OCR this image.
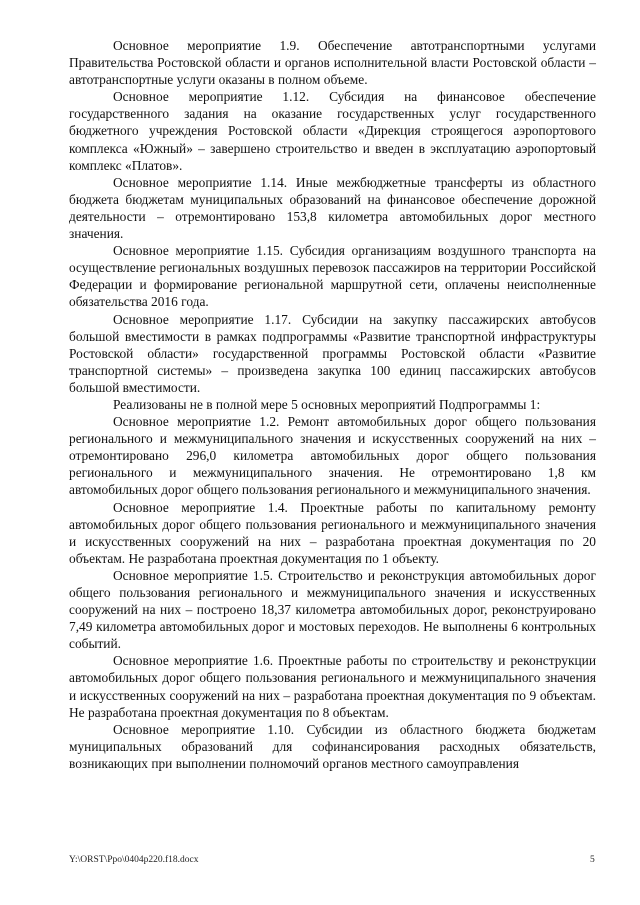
Основное мероприятие 1.9. Обеспечение автотранспортными услугами Правительства Ростовской области и органов исполнительной власти Ростовской области – автотранспортные услуги оказаны в полном объеме.

Основное мероприятие 1.12. Субсидия на финансовое обеспечение государственного задания на оказание государственных услуг государственного бюджетного учреждения Ростовской области «Дирекция строящегося аэропортового комплекса «Южный» – завершено строительство и введен в эксплуатацию аэропортовый комплекс «Платов».

Основное мероприятие 1.14. Иные межбюджетные трансферты из областного бюджета бюджетам муниципальных образований на финансовое обеспечение дорожной деятельности – отремонтировано 153,8 километра автомобильных дорог местного значения.

Основное мероприятие 1.15. Субсидия организациям воздушного транспорта на осуществление региональных воздушных перевозок пассажиров на территории Российской Федерации и формирование региональной маршрутной сети, оплачены неисполненные обязательства 2016 года.

Основное мероприятие 1.17. Субсидии на закупку пассажирских автобусов большой вместимости в рамках подпрограммы «Развитие транспортной инфраструктуры Ростовской области» государственной программы Ростовской области «Развитие транспортной системы» – произведена закупка 100 единиц пассажирских автобусов большой вместимости.

Реализованы не в полной мере 5 основных мероприятий Подпрограммы 1:

Основное мероприятие 1.2. Ремонт автомобильных дорог общего пользования регионального и межмуниципального значения и искусственных сооружений на них – отремонтировано 296,0 километра автомобильных дорог общего пользования регионального и межмуниципального значения. Не отремонтировано 1,8 км автомобильных дорог общего пользования регионального и межмуниципального значения.

Основное мероприятие 1.4. Проектные работы по капитальному ремонту автомобильных дорог общего пользования регионального и межмуниципального значения и искусственных сооружений на них – разработана проектная документация по 20 объектам. Не разработана проектная документация по 1 объекту.

Основное мероприятие 1.5. Строительство и реконструкция автомобильных дорог общего пользования регионального и межмуниципального значения и искусственных сооружений на них – построено 18,37 километра автомобильных дорог, реконструировано 7,49 километра автомобильных дорог и мостовых переходов. Не выполнены 6 контрольных событий.

Основное мероприятие 1.6. Проектные работы по строительству и реконструкции автомобильных дорог общего пользования регионального и межмуниципального значения и искусственных сооружений на них – разработана проектная документация по 9 объектам. Не разработана проектная документация по 8 объектам.

Основное мероприятие 1.10. Субсидии из областного бюджета бюджетам муниципальных образований для софинансирования расходных обязательств, возникающих при выполнении полномочий органов местного самоуправления

Y:\ORST\Ppo\0404p220.f18.docx	5
